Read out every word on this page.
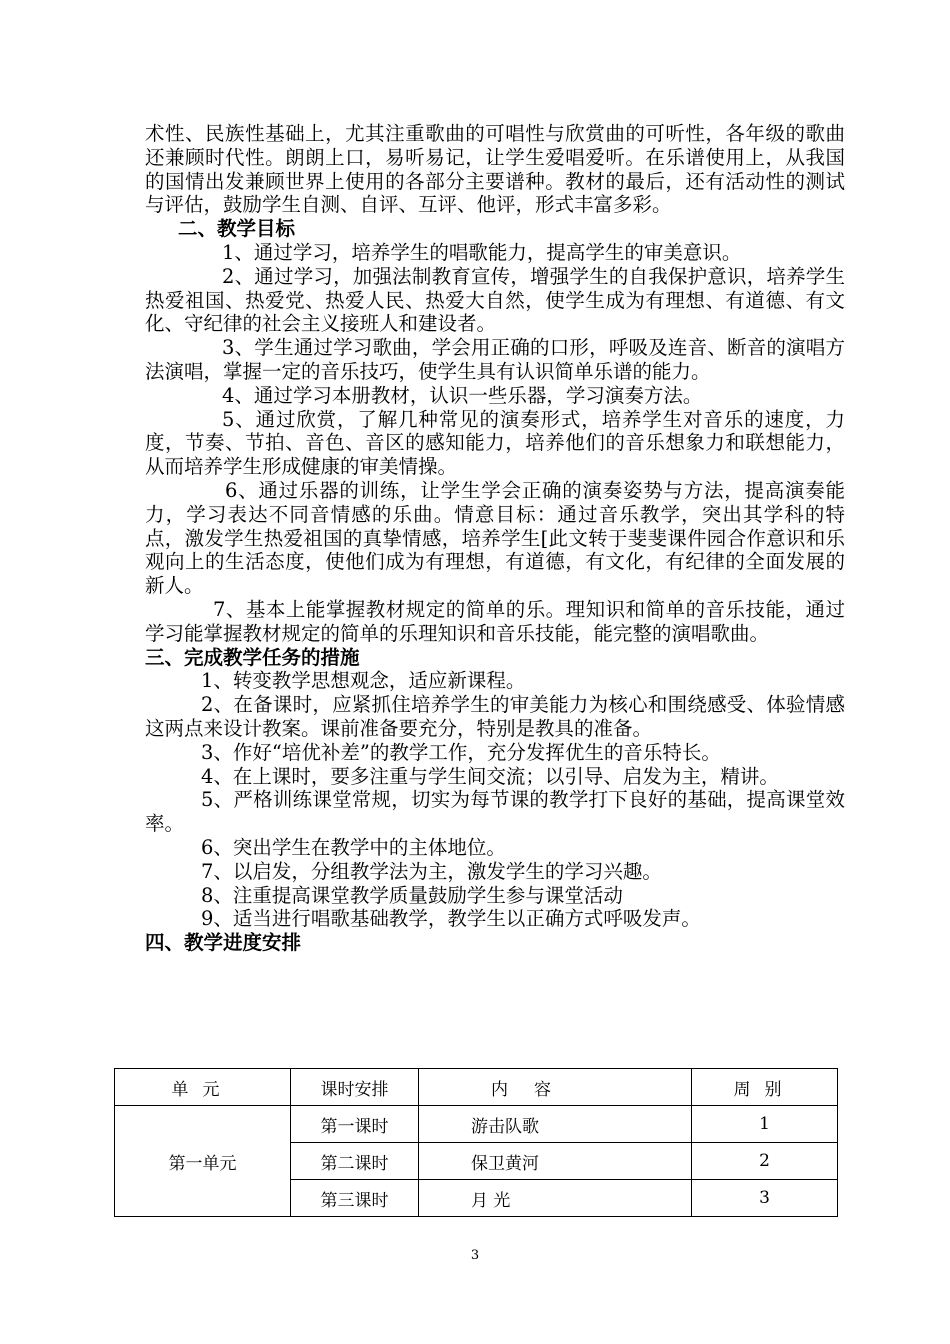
术性、民族性基础上，尤其注重歌曲的可唱性与欣赏曲的可听性，各年级的歌曲还兼顾时代性。朗朗上口，易听易记，让学生爱唱爱听。在乐谱使用上，从我国的国情出发兼顾世界上使用的各部分主要谱种。教材的最后，还有活动性的测试与评估，鼓励学生自测、自评、互评、他评，形式丰富多彩。

二、教学目标

1、通过学习，培养学生的唱歌能力，提高学生的审美意识。

2、通过学习，加强法制教育宣传，增强学生的自我保护意识，培养学生热爱祖国、热爱党、热爱人民、热爱大自然，使学生成为有理想、有道德、有文化、守纪律的社会主义接班人和建设者。

3、学生通过学习歌曲，学会用正确的口形，呼吸及连音、断音的演唱方法演唱，掌握一定的音乐技巧，使学生具有认识简单乐谱的能力。

4、通过学习本册教材，认识一些乐器，学习演奏方法。

5、通过欣赏，了解几种常见的演奏形式，培养学生对音乐的速度，力度，节奏、节拍、音色、音区的感知能力，培养他们的音乐想象力和联想能力，从而培养学生形成健康的审美情操。

6、通过乐器的训练，让学生学会正确的演奏姿势与方法，提高演奏能力，学习表达不同音情感的乐曲。情意目标：通过音乐教学，突出其学科的特点，激发学生热爱祖国的真挚情感，培养学生[此文转于斐斐课件园合作意识和乐观向上的生活态度，使他们成为有理想，有道德，有文化，有纪律的全面发展的新人。

7、基本上能掌握教材规定的简单的乐。理知识和简单的音乐技能，通过学习能掌握教材规定的简单的乐理知识和音乐技能，能完整的演唱歌曲。

三、完成教学任务的措施

1、转变教学思想观念，适应新课程。

2、在备课时，应紧抓住培养学生的审美能力为核心和围绕感受、体验情感这两点来设计教案。课前准备要充分，特别是教具的准备。

3、作好“培优补差”的教学工作，充分发挥优生的音乐特长。

4、在上课时，要多注重与学生间交流；以引导、启发为主，精讲。

5、严格训练课堂常规，切实为每节课的教学打下良好的基础，提高课堂效率。

6、突出学生在教学中的主体地位。

7、以启发，分组教学法为主，激发学生的学习兴趣。

8、注重提高课堂教学质量鼓励学生参与课堂活动

9、适当进行唱歌基础教学，教学生以正确方式呼吸发声。

四、教学进度安排

单元	课时安排	内容	周别
第一单元	第一课时	游击队歌	1
	第二课时	保卫黄河	2
	第三课时	月 光	3
3
